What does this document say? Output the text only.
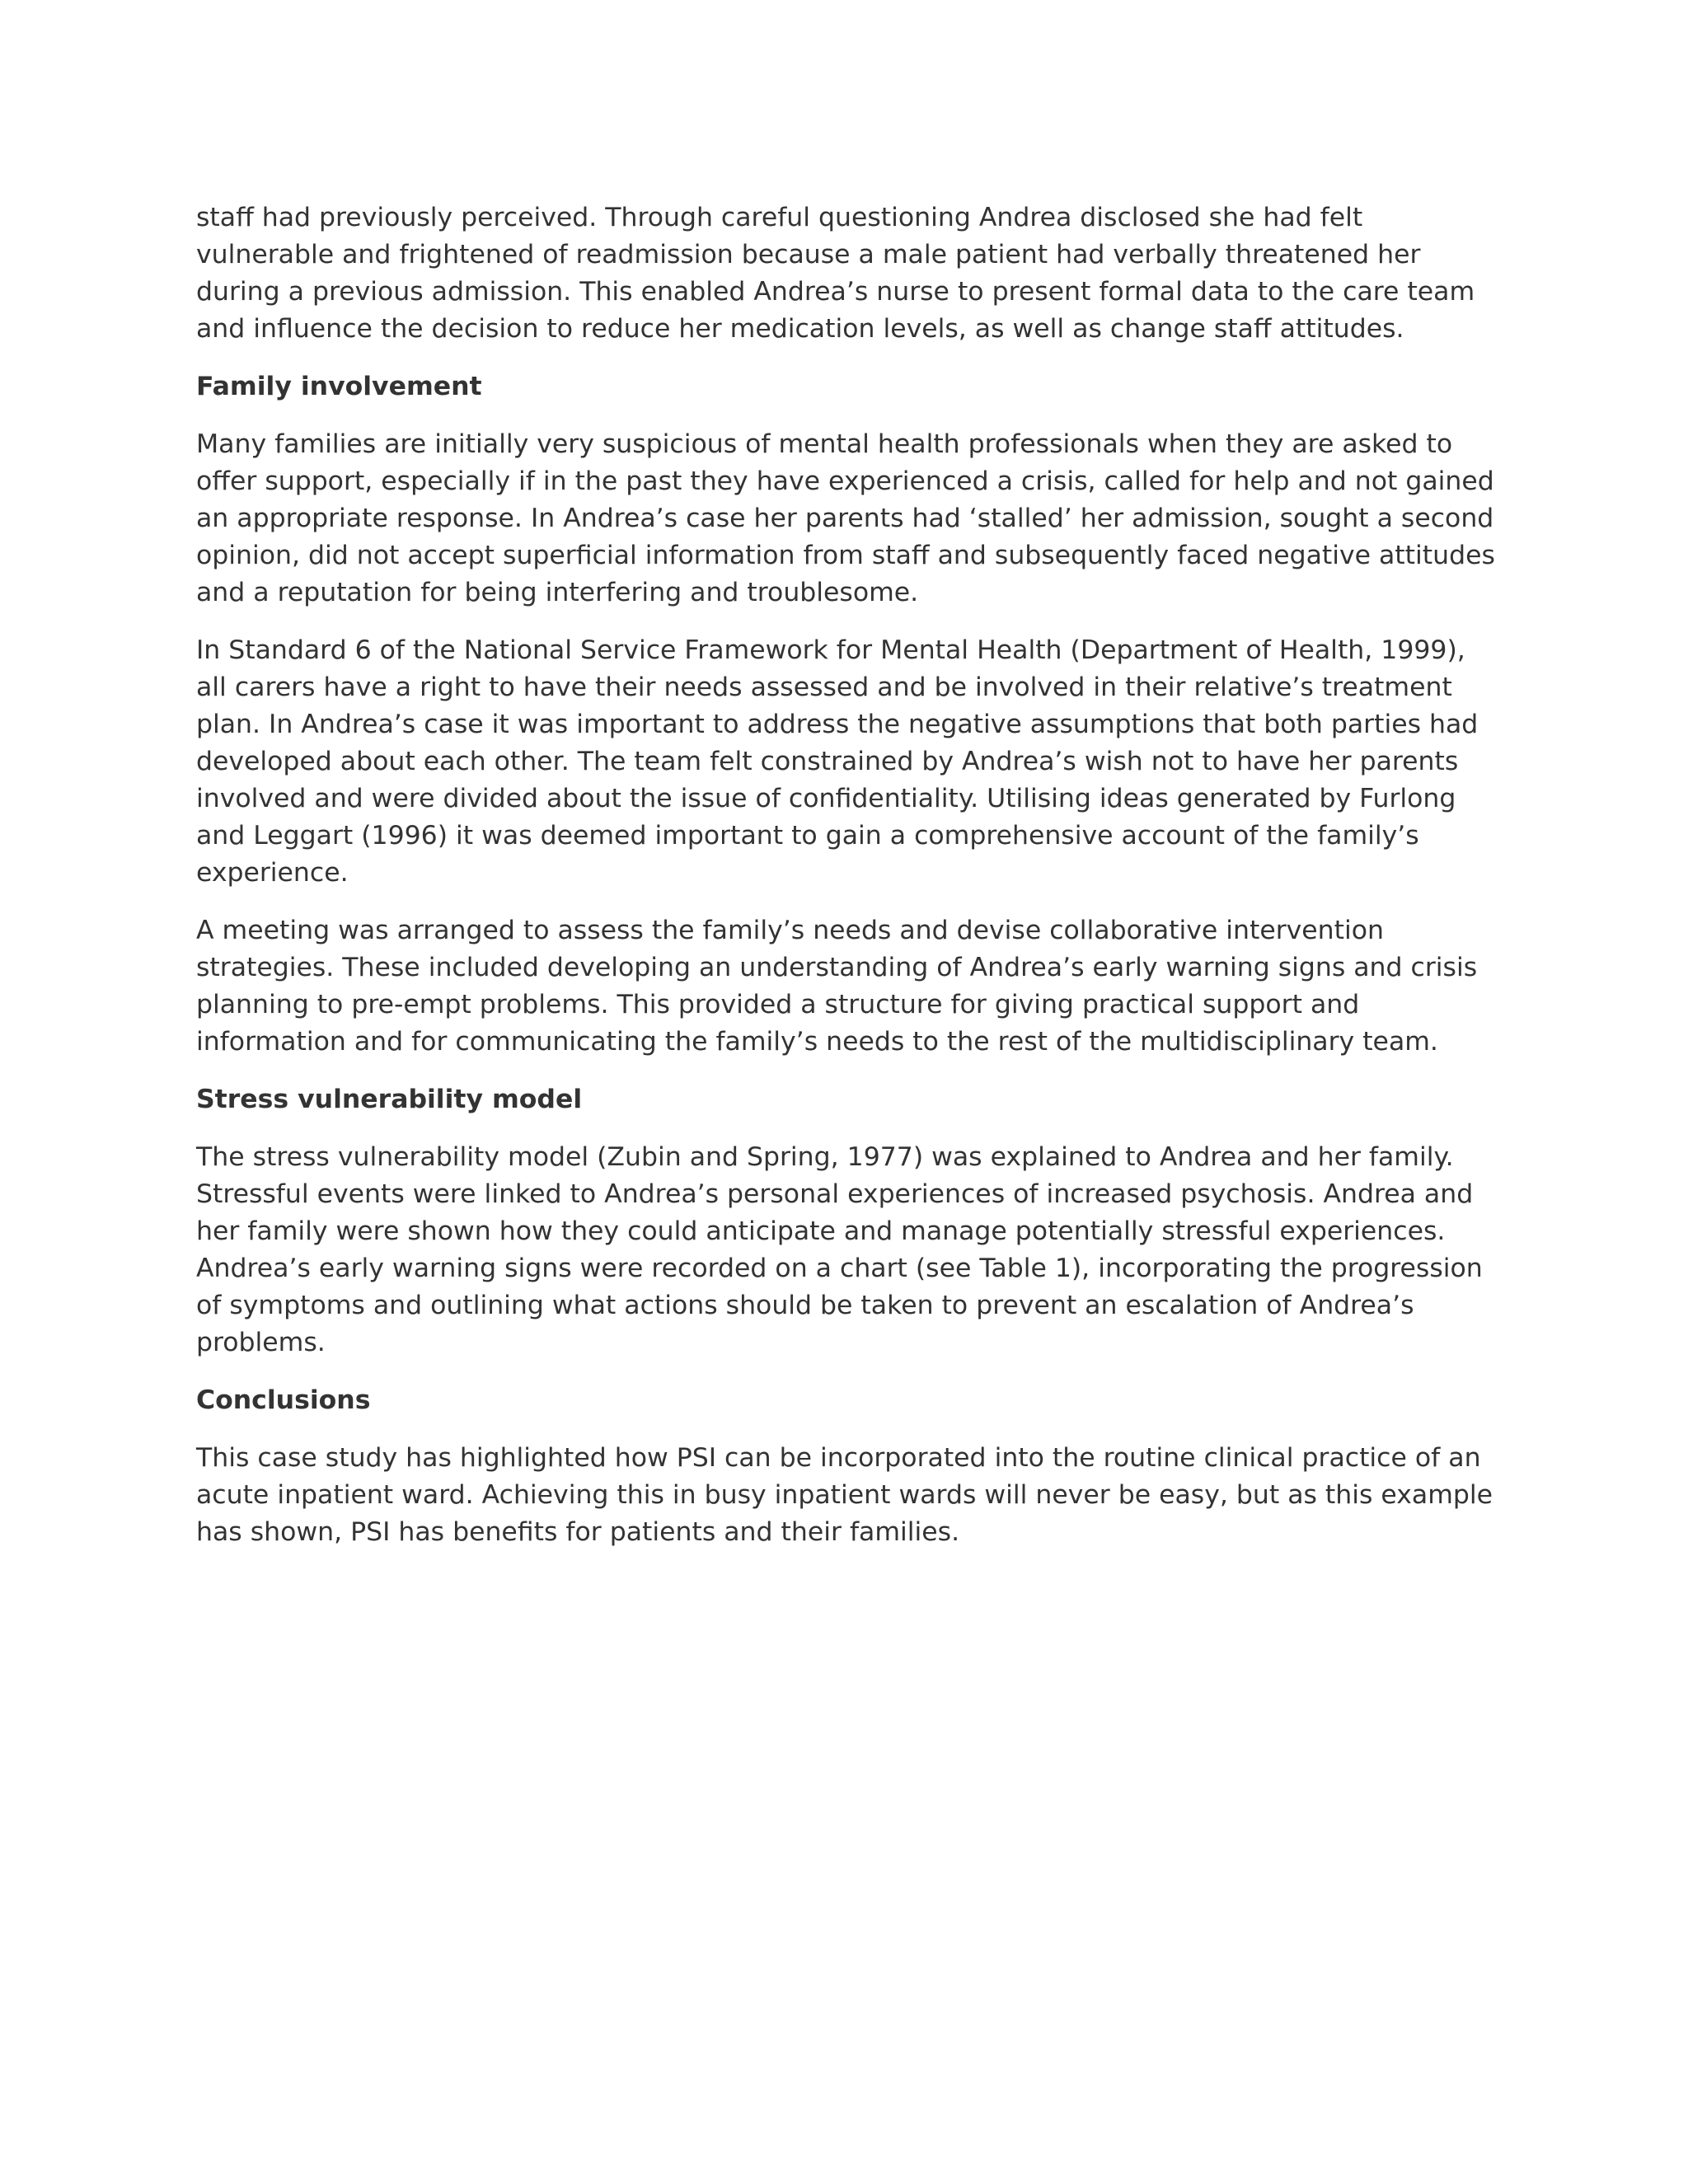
staff had previously perceived. Through careful questioning Andrea disclosed she had felt vulnerable and frightened of readmission because a male patient had verbally threatened her during a previous admission. This enabled Andrea’s nurse to present formal data to the care team and influence the decision to reduce her medication levels, as well as change staff attitudes.

Family involvement

Many families are initially very suspicious of mental health professionals when they are asked to offer support, especially if in the past they have experienced a crisis, called for help and not gained an appropriate response. In Andrea’s case her parents had ‘stalled’ her admission, sought a second opinion, did not accept superficial information from staff and subsequently faced negative attitudes and a reputation for being interfering and troublesome.

In Standard 6 of the National Service Framework for Mental Health (Department of Health, 1999), all carers have a right to have their needs assessed and be involved in their relative’s treatment plan. In Andrea’s case it was important to address the negative assumptions that both parties had developed about each other. The team felt constrained by Andrea’s wish not to have her parents involved and were divided about the issue of confidentiality. Utilising ideas generated by Furlong and Leggart (1996) it was deemed important to gain a comprehensive account of the family’s experience.

A meeting was arranged to assess the family’s needs and devise collaborative intervention strategies. These included developing an understanding of Andrea’s early warning signs and crisis planning to pre-empt problems. This provided a structure for giving practical support and information and for communicating the family’s needs to the rest of the multidisciplinary team.

Stress vulnerability model

The stress vulnerability model (Zubin and Spring, 1977) was explained to Andrea and her family. Stressful events were linked to Andrea’s personal experiences of increased psychosis. Andrea and her family were shown how they could anticipate and manage potentially stressful experiences. Andrea’s early warning signs were recorded on a chart (see Table 1), incorporating the progression of symptoms and outlining what actions should be taken to prevent an escalation of Andrea’s problems.

Conclusions

This case study has highlighted how PSI can be incorporated into the routine clinical practice of an acute inpatient ward. Achieving this in busy inpatient wards will never be easy, but as this example has shown, PSI has benefits for patients and their families.
